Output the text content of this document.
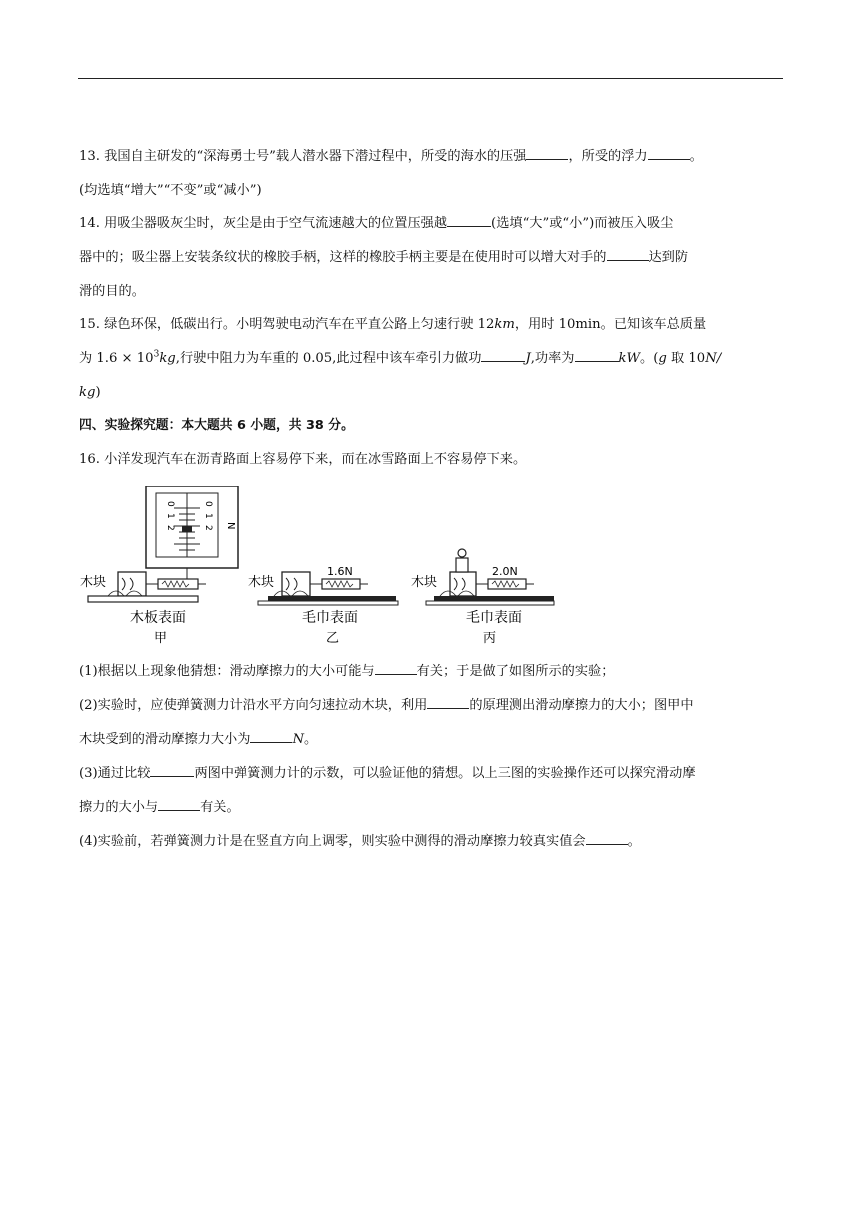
13. 我国自主研发的“深海勇士号”载人潜水器下潜过程中，所受的海水的压强	，所受的浮力	。
(均选填“增大”“不变”或“减小”)
14. 用吸尘器吸灰尘时，灰尘是由于空气流速越大的位置压强越	(选填“大”或“小”)而被压入吸尘
器中的；吸尘器上安装条纹状的橡胶手柄，这样的橡胶手柄主要是在使用时可以增大对手的	达到防
滑的目的。
15. 绿色环保，低碳出行。小明驾驶电动汽车在平直公路上匀速行驶 12km，用时 10min。已知该车总质量
为 $1.6 \times 10^3kg$,行驶中阻力为车重的 0.05,此过程中该车牵引力做功	J,功率为	kW。(g 取 10N/
kg)
四、实验探究题：本大题共 6 小题，共 38 分。
16. 小洋发现汽车在沥青路面上容易停下来，而在冰雪路面上不容易停下来。
0
1
2
0
1
2 N
木块
木板表面
甲
木块
1.6N
毛巾表面
乙
木块
2.0N
毛巾表面
丙
(1)根据以上现象他猜想：滑动摩擦力的大小可能与	有关；于是做了如图所示的实验；
(2)实验时，应使弹簧测力计沿水平方向匀速拉动木块，利用	的原理测出滑动摩擦力的大小；图甲中
木块受到的滑动摩擦力大小为	N。
(3)通过比较	两图中弹簧测力计的示数，可以验证他的猜想。以上三图的实验操作还可以探究滑动摩
擦力的大小与	有关。
(4)实验前，若弹簧测力计是在竖直方向上调零，则实验中测得的滑动摩擦力较真实值会	。
